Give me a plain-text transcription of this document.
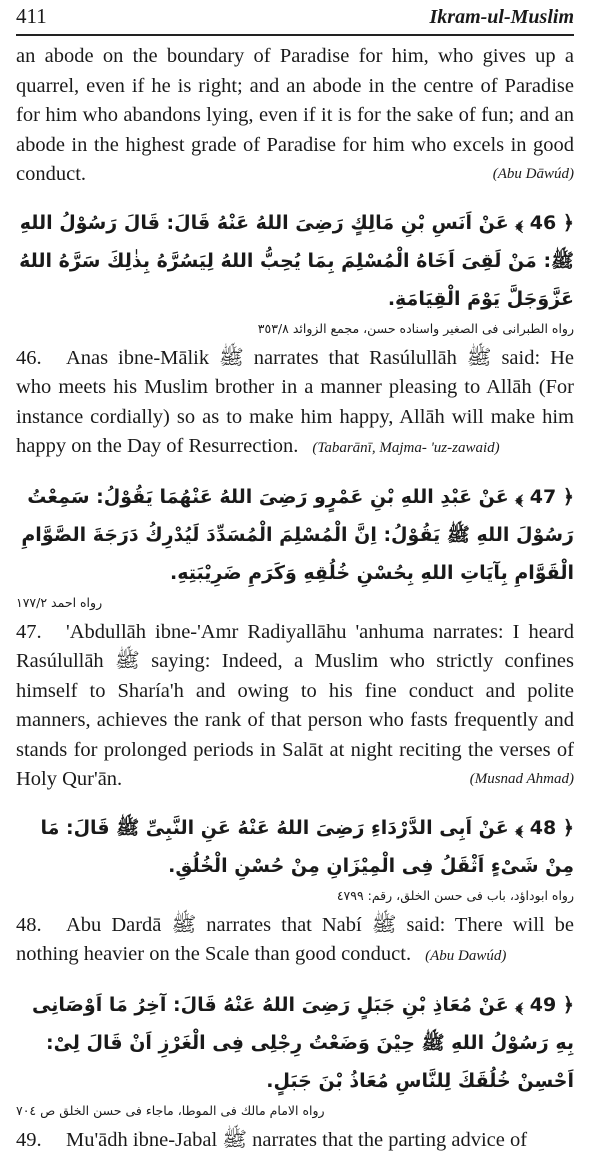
411	Ikram-ul-Muslim

an abode on the boundary of Paradise for him, who gives up a quarrel, even if he is right; and an abode in the centre of Paradise for him who abandons lying, even if it is for the sake of fun; and an abode in the highest grade of Paradise for him who excels in good conduct.	(Abu Dāwúd)

﴿ 46 ﴾ عَنْ اَنَسِ بْنِ مَالِكٍ رَضِىَ اللهُ عَنْهُ قَالَ: قَالَ رَسُوْلُ اللهِ ﷺ: مَنْ لَقِىَ اَخَاهُ الْمُسْلِمَ بِمَا يُحِبُّ اللهُ لِيَسُرَّهُ بِذٰلِكَ سَرَّهُ اللهُ عَزَّوَجَلَّ يَوْمَ الْقِيَامَةِ.

رواه الطبرانى فى الصغير واسناده حسن، مجمع الزوائد ٣٥٣/٨

46. Anas ibne-Mālik ﷺ narrates that Rasúlullāh ﷺ said: He who meets his Muslim brother in a manner pleasing to Allāh (For instance cordially) so as to make him happy, Allāh will make him happy on the Day of Resurrection. (Tabarānī, Majma- 'uz-zawaid)

﴿ 47 ﴾ عَنْ عَبْدِ اللهِ بْنِ عَمْرٍو رَضِىَ اللهُ عَنْهُمَا يَقُوْلُ: سَمِعْتُ رَسُوْلَ اللهِ ﷺ يَقُوْلُ: اِنَّ الْمُسْلِمَ الْمُسَدِّدَ لَيُدْرِكُ دَرَجَةَ الصَّوَّامِ الْقَوَّامِ بِآيَاتِ اللهِ بِحُسْنِ خُلُقِهِ وَكَرَمِ ضَرِيْبَتِهِ.

رواه احمد ١٧٧/٢

47. 'Abdullāh ibne-'Amr Radiyallāhu 'anhuma narrates: I heard Rasúlullāh ﷺ saying: Indeed, a Muslim who strictly confines himself to Sharía'h and owing to his fine conduct and polite manners, achieves the rank of that person who fasts frequently and stands for prolonged periods in Salāt at night reciting the verses of Holy Qur'ān.	(Musnad Ahmad)

﴿ 48 ﴾ عَنْ اَبِى الدَّرْدَاءِ رَضِىَ اللهُ عَنْهُ عَنِ النَّبِىِّ ﷺ قَالَ: مَا مِنْ شَىْءٍ اَثْقَلُ فِى الْمِيْزَانِ مِنْ حُسْنِ الْخُلُقِ.

رواه ابوداؤد، باب فى حسن الخلق، رقم: ٤٧٩٩

48. Abu Dardā ﷺ narrates that Nabí ﷺ said: There will be nothing heavier on the Scale than good conduct. (Abu Dawúd)

﴿ 49 ﴾ عَنْ مُعَاذِ بْنِ جَبَلٍ رَضِىَ اللهُ عَنْهُ قَالَ: آخِرُ مَا اَوْصَانِى بِهِ رَسُوْلُ اللهِ ﷺ حِيْنَ وَضَعْتُ رِجْلِى فِى الْغَرْزِ اَنْ قَالَ لِىْ: اَحْسِنْ خُلُقَكَ لِلنَّاسِ مُعَاذُ بْنَ جَبَلٍ.

رواه الامام مالك فى الموطا، ماجاء فى حسن الخلق ص ٧٠٤

49. Mu'ādh ibne-Jabal ﷺ narrates that the parting advice of
